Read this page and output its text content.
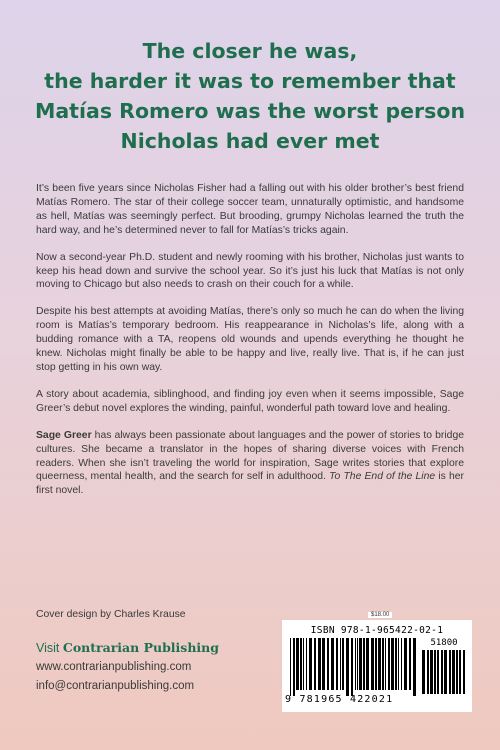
The closer he was,
the harder it was to remember that
Matías Romero was the worst person
Nicholas had ever met

It’s been five years since Nicholas Fisher had a falling out with his older brother’s best friend Matías Romero. The star of their college soccer team, unnaturally optimistic, and handsome as hell, Matías was seemingly perfect. But brooding, grumpy Nicholas learned the truth the hard way, and he’s determined never to fall for Matías’s tricks again.

Now a second-year Ph.D. student and newly rooming with his brother, Nicholas just wants to keep his head down and survive the school year. So it’s just his luck that Matías is not only moving to Chicago but also needs to crash on their couch for a while.

Despite his best attempts at avoiding Matías, there’s only so much he can do when the living room is Matías’s temporary bedroom. His reappearance in Nicholas’s life, along with a budding romance with a TA, reopens old wounds and upends everything he thought he knew. Nicholas might finally be able to be happy and live, really live. That is, if he can just stop getting in his own way.

A story about academia, siblinghood, and finding joy even when it seems impossible, Sage Greer’s debut novel explores the winding, painful, wonderful path toward love and healing.

Sage Greer has always been passionate about languages and the power of stories to bridge cultures. She became a translator in the hopes of sharing diverse voices with French readers. When she isn’t traveling the world for inspiration, Sage writes stories that explore queerness, mental health, and the search for self in adulthood. To The End of the Line is her first novel.

Cover design by Charles Krause
Visit Contrarian Publishing
www.contrarianpublishing.com
info@contrarianpublishing.com
$18.00
ISBN 978-1-965422-02-1
51800
9 781965 422021
